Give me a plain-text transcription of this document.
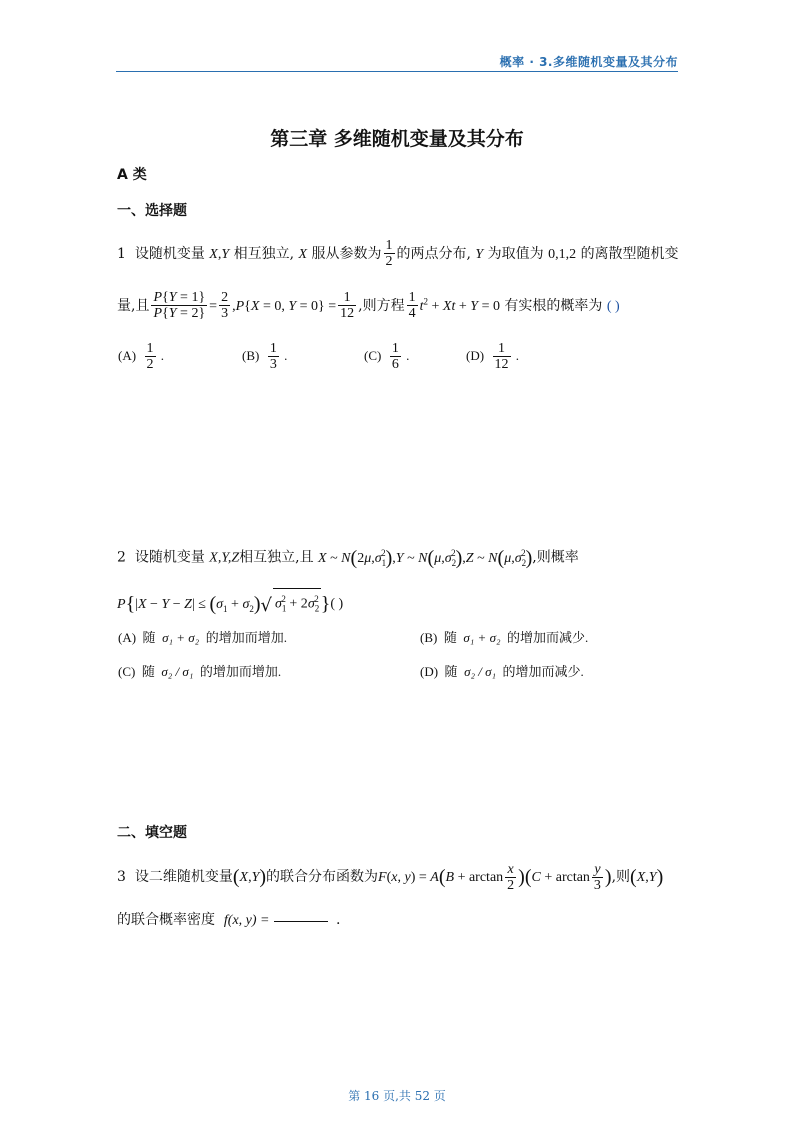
概率 · 3.多维随机变量及其分布
第三章 多维随机变量及其分布
A 类
一、选择题
1 设随机变量 X,Y 相互独立, X 服从参数为 $\frac{1}{2}$ 的两点分布, Y 为取值为 0,1,2 的离散型随机变
量,且 $\frac{P\{Y = 1\}}{P\{Y = 2\}} = \frac{2}{3} ,P\{X = 0$, $Y = 0\} = \frac{1}{12}$ ,则方程 $\frac{1}{4} t^2 + Xt + Y = 0$ 有实根的概率为 ( )
$(A) \frac{1}{2}$ .	$(B) \frac{1}{3}$ .	$(C) \frac{1}{6}$ .	$(D) \frac{1}{12}$ .
2 设随机变量 X,Y,Z相互独立,且 X ~ $N(2\mu,\sigma_1^2),Y$ ~ $N(\mu,\sigma_2^2),Z$ ~ $N(\mu,\sigma_2^2)$,则概率
$P\{|X - Y - Z| \le (\sigma_1 + \sigma_2)√$ $\sigma_1^2 + 2\sigma_2^2$ }( )
(A) 随 σ₁ + σ₂ 的增加而增加.	(B) 随 σ₁ + σ₂ 的增加而减少.
(C) 随 σ₂ / σ₁ 的增加而增加.	(D) 随 σ₂ / σ₁ 的增加而减少.
二、填空题
3 设二维随机变量(X,Y)的联合分布函数为F(x, $y) = A(B + \arctan \frac{x}{2} )(C + \arctan \frac{y}{3}$ ),则(X,Y)
的联合概率密度 f(x, y) =	.
第 16 页,共 52 页
